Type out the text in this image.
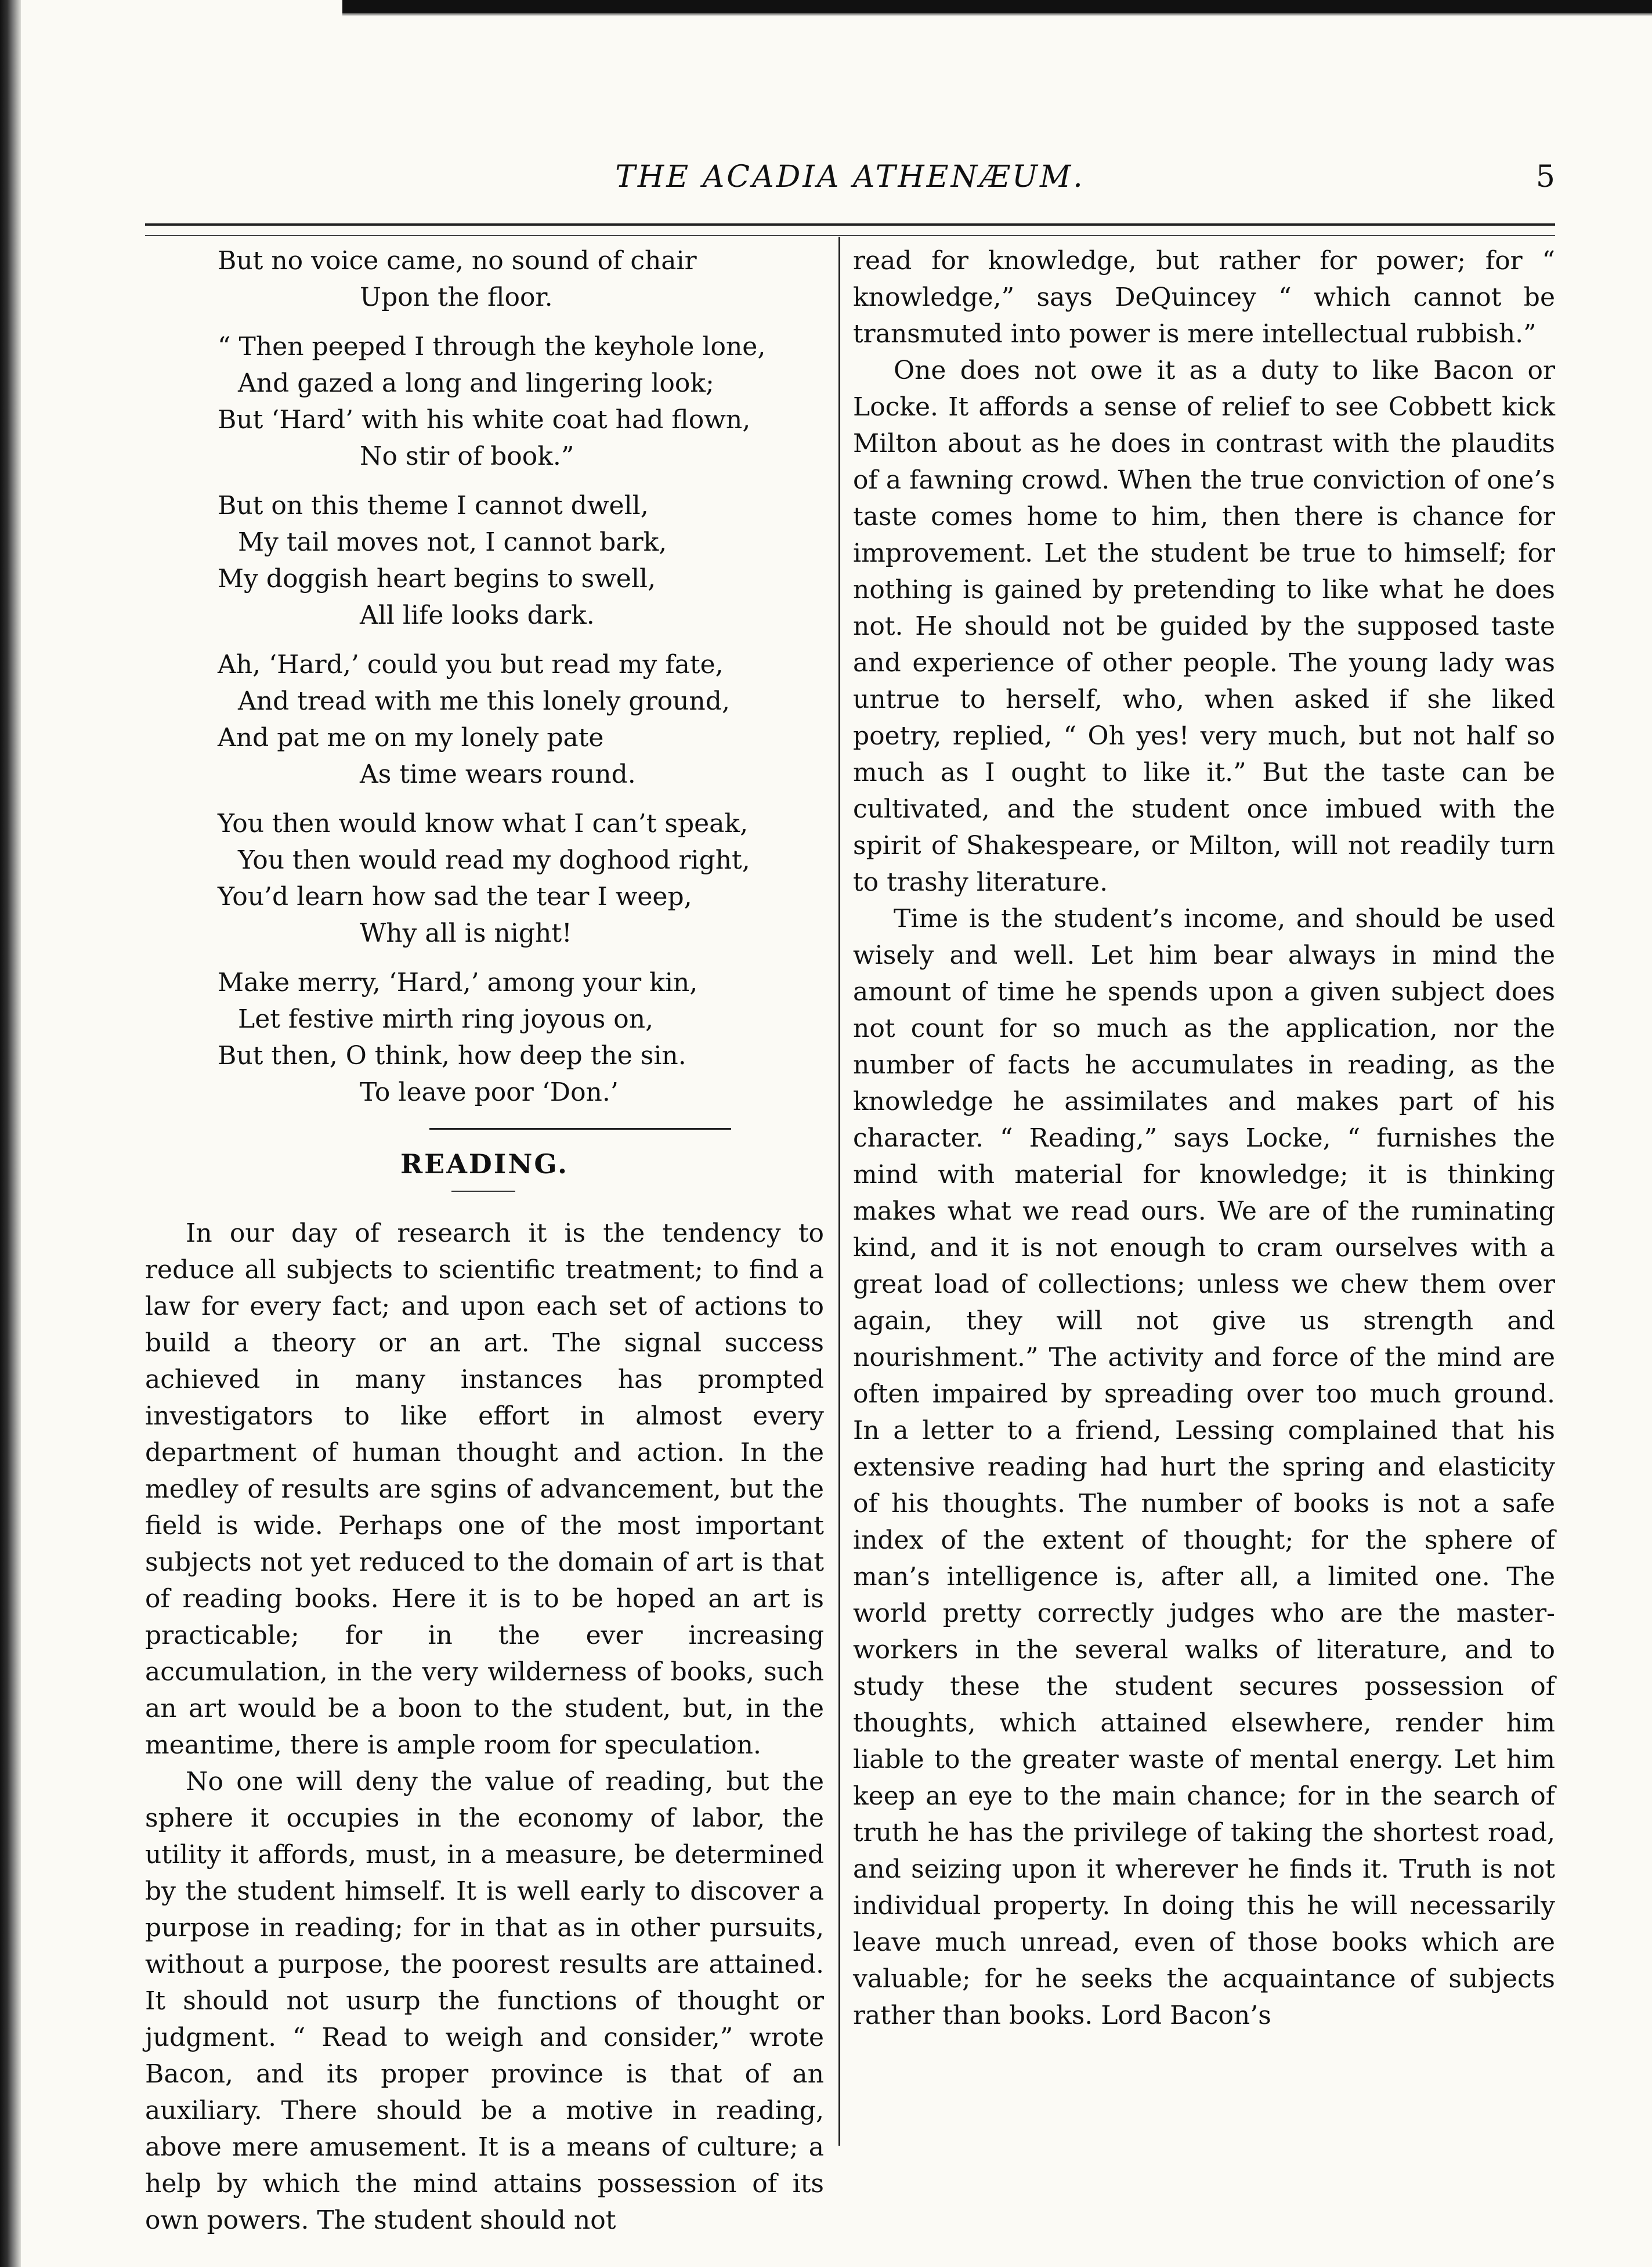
THE ACADIA ATHENÆUM.	5
But no voice came, no sound of chair
Upon the floor.
“ Then peeped I through the keyhole lone,
And gazed a long and lingering look;
But ‘Hard’ with his white coat had flown,
No stir of book.”
But on this theme I cannot dwell,
My tail moves not, I cannot bark,
My doggish heart begins to swell,
All life looks dark.
Ah, ‘Hard,’ could you but read my fate,
And tread with me this lonely ground,
And pat me on my lonely pate
As time wears round.
You then would know what I can’t speak,
You then would read my doghood right,
You’d learn how sad the tear I weep,
Why all is night!
Make merry, ‘Hard,’ among your kin,
Let festive mirth ring joyous on,
But then, O think, how deep the sin.
To leave poor ‘Don.’
READING.

In our day of research it is the tendency to reduce all subjects to scientific treatment; to find a law for every fact; and upon each set of actions to build a theory or an art. The signal success achieved in many instances has prompted investigators to like effort in almost every department of human thought and action. In the medley of results are sgins of advancement, but the field is wide. Perhaps one of the most important subjects not yet reduced to the domain of art is that of reading books. Here it is to be hoped an art is practicable; for in the ever increasing accumulation, in the very wilderness of books, such an art would be a boon to the student, but, in the meantime, there is ample room for speculation.

No one will deny the value of reading, but the sphere it occupies in the economy of labor, the utility it affords, must, in a measure, be determined by the student himself. It is well early to discover a purpose in reading; for in that as in other pursuits, without a purpose, the poorest results are attained. It should not usurp the functions of thought or judgment. “ Read to weigh and consider,” wrote Bacon, and its proper province is that of an auxiliary. There should be a motive in reading, above mere amusement. It is a means of culture; a help by which the mind attains possession of its own powers. The student should not

read for knowledge, but rather for power; for “ knowledge,” says DeQuincey “ which cannot be transmuted into power is mere intellectual rubbish.”

One does not owe it as a duty to like Bacon or Locke. It affords a sense of relief to see Cobbett kick Milton about as he does in contrast with the plaudits of a fawning crowd. When the true conviction of one’s taste comes home to him, then there is chance for improvement. Let the student be true to himself; for nothing is gained by pretending to like what he does not. He should not be guided by the supposed taste and experience of other people. The young lady was untrue to herself, who, when asked if she liked poetry, replied, “ Oh yes! very much, but not half so much as I ought to like it.” But the taste can be cultivated, and the student once imbued with the spirit of Shakespeare, or Milton, will not readily turn to trashy literature.

Time is the student’s income, and should be used wisely and well. Let him bear always in mind the amount of time he spends upon a given subject does not count for so much as the application, nor the number of facts he accumulates in reading, as the knowledge he assimilates and makes part of his character. “ Reading,” says Locke, “ furnishes the mind with material for knowledge; it is thinking makes what we read ours. We are of the ruminating kind, and it is not enough to cram ourselves with a great load of collections; unless we chew them over again, they will not give us strength and nourishment.” The activity and force of the mind are often impaired by spreading over too much ground. In a letter to a friend, Lessing complained that his extensive reading had hurt the spring and elasticity of his thoughts. The number of books is not a safe index of the extent of thought; for the sphere of man’s intelligence is, after all, a limited one. The world pretty correctly judges who are the master-workers in the several walks of literature, and to study these the student secures possession of thoughts, which attained elsewhere, render him liable to the greater waste of mental energy. Let him keep an eye to the main chance; for in the search of truth he has the privilege of taking the shortest road, and seizing upon it wherever he finds it. Truth is not individual property. In doing this he will necessarily leave much unread, even of those books which are valuable; for he seeks the acquaintance of subjects rather than books. Lord Bacon’s
